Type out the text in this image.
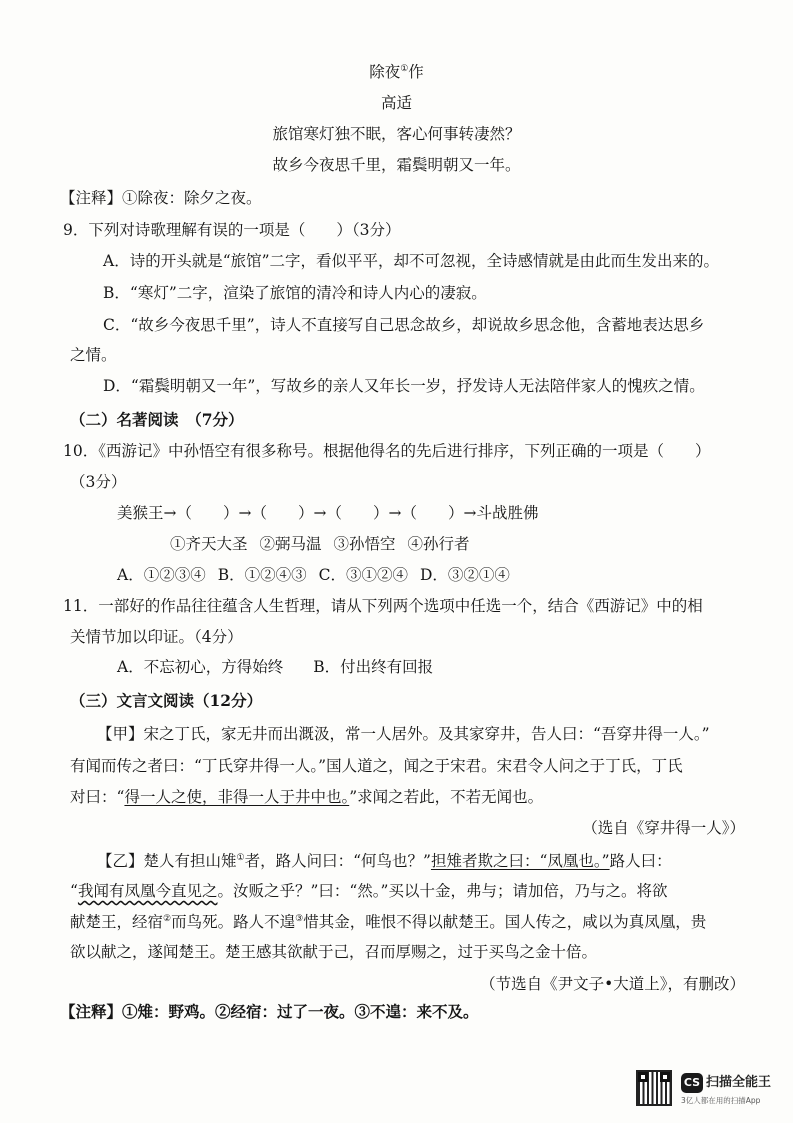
除夜①作
高适
旅馆寒灯独不眠，客心何事转凄然？
故乡今夜思千里，霜鬓明朝又一年。
【注释】①除夜：除夕之夜。
9．下列对诗歌理解有误的一项是（　　）（3分）
A．诗的开头就是“旅馆”二字，看似平平，却不可忽视，全诗感情就是由此而生发出来的。
B．“寒灯”二字，渲染了旅馆的清冷和诗人内心的凄寂。
C．“故乡今夜思千里”，诗人不直接写自己思念故乡，却说故乡思念他，含蓄地表达思乡
之情。
D．“霜鬓明朝又一年”，写故乡的亲人又年长一岁，抒发诗人无法陪伴家人的愧疚之情。
（二）名著阅读　（7分）
10．《西游记》中孙悟空有很多称号。根据他得名的先后进行排序，下列正确的一项是（　　）
（3分）
美猴王→（　　）→（　　）→（　　）→（　　）→斗战胜佛
①齐天大圣 ②弼马温 ③孙悟空 ④孙行者
A．①②③④ B．①②④③ C．③①②④ D．③②①④
11．一部好的作品往往蕴含人生哲理，请从下列两个选项中任选一个，结合《西游记》中的相
关情节加以印证。（4分）
A．不忘初心，方得始终 B．付出终有回报
（三）文言文阅读（12分）
【甲】宋之丁氏，家无井而出溉汲，常一人居外。及其家穿井，告人曰：“吾穿井得一人。”
有闻而传之者曰：“丁氏穿井得一人。”国人道之，闻之于宋君。宋君令人问之于丁氏，丁氏
对曰：“得一人之使，非得一人于井中也。”求闻之若此，不若无闻也。
（选自《穿井得一人》）
【乙】楚人有担山雉①者，路人问曰：“何鸟也？”担雉者欺之曰：“凤凰也。”路人曰：
“我闻有凤凰今直见之。汝贩之乎？”曰：“然。”买以十金，弗与；请加倍，乃与之。将欲
献楚王，经宿②而鸟死。路人不遑③惜其金，唯恨不得以献楚王。国人传之，咸以为真凤凰，贵
欲以献之，遂闻楚王。楚王感其欲献于己，召而厚赐之，过于买鸟之金十倍。
（节选自《尹文子•大道上》，有删改）
【注释】①雉：野鸡。②经宿：过了一夜。③不遑：来不及。
CS 扫描全能王
3亿人都在用的扫描App
